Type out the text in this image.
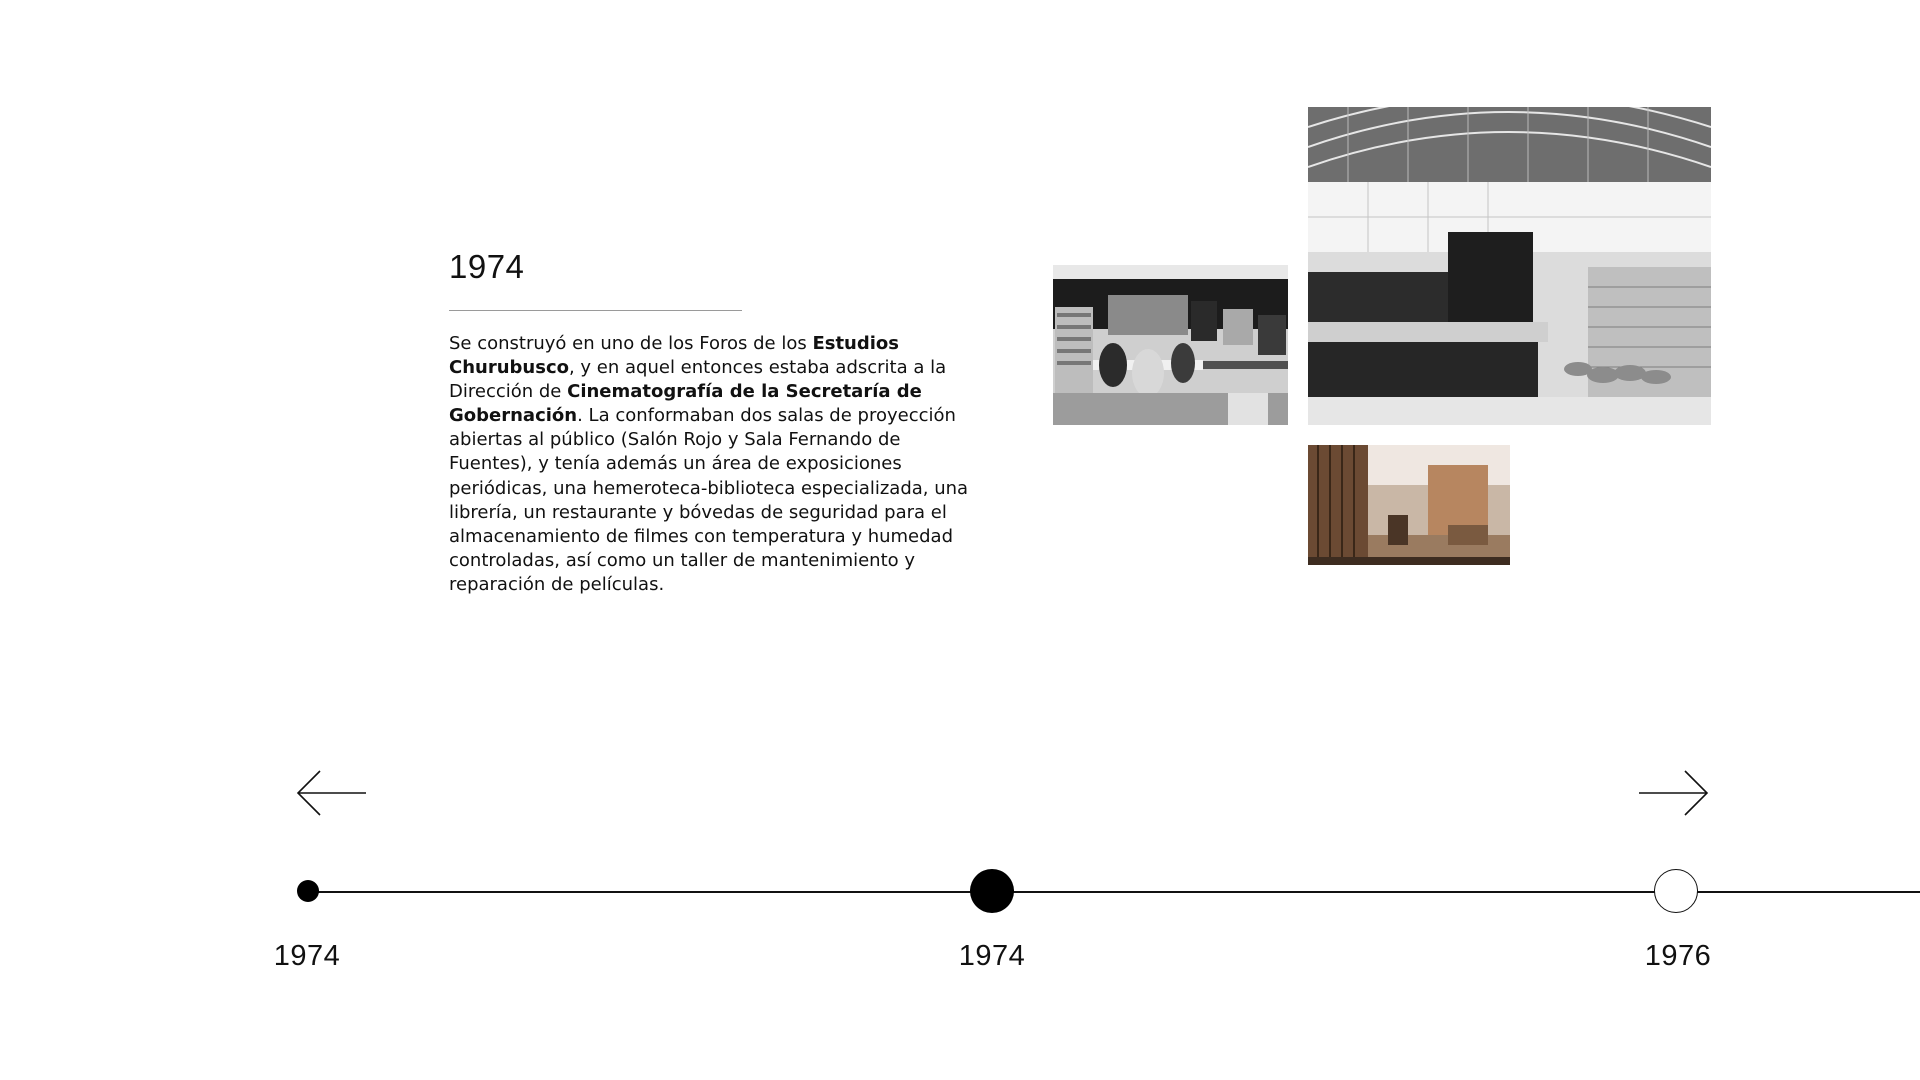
1974

Se construyó en uno de los Foros de los Estudios Churubusco, y en aquel entonces estaba adscrita a la Dirección de Cinematografía de la Secretaría de Gobernación. La conformaban dos salas de proyección abiertas al público (Salón Rojo y Sala Fernando de Fuentes), y tenía además un área de exposiciones periódicas, una hemeroteca-biblioteca especializada, una librería, un restaurante y bóvedas de seguridad para el almacenamiento de filmes con temperatura y humedad controladas, así como un taller de mantenimiento y reparación de películas.

1974	1974	1976
